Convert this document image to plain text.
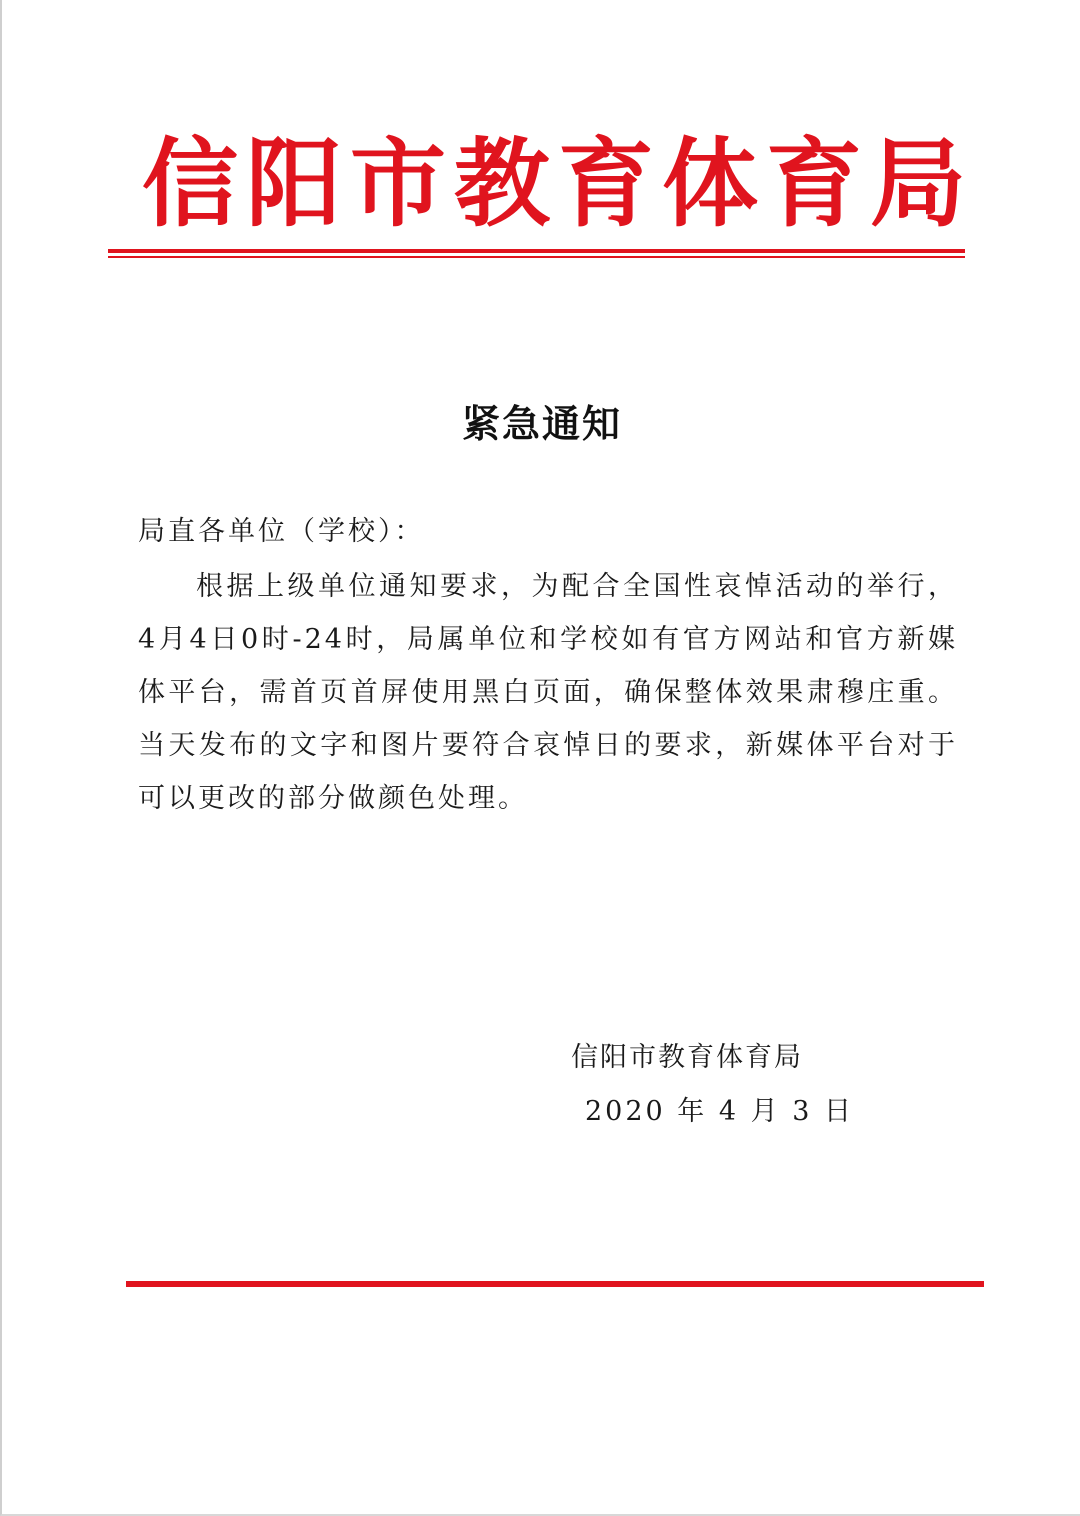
信阳市教育体育局
紧急通知
局直各单位（学校）：
根据上级单位通知要求，为配合全国性哀悼活动的举行，4月4日0时-24时，局属单位和学校如有官方网站和官方新媒体平台，需首页首屏使用黑白页面，确保整体效果肃穆庄重。当天发布的文字和图片要符合哀悼日的要求，新媒体平台对于可以更改的部分做颜色处理。
信阳市教育体育局
2020 年 4 月 3 日
